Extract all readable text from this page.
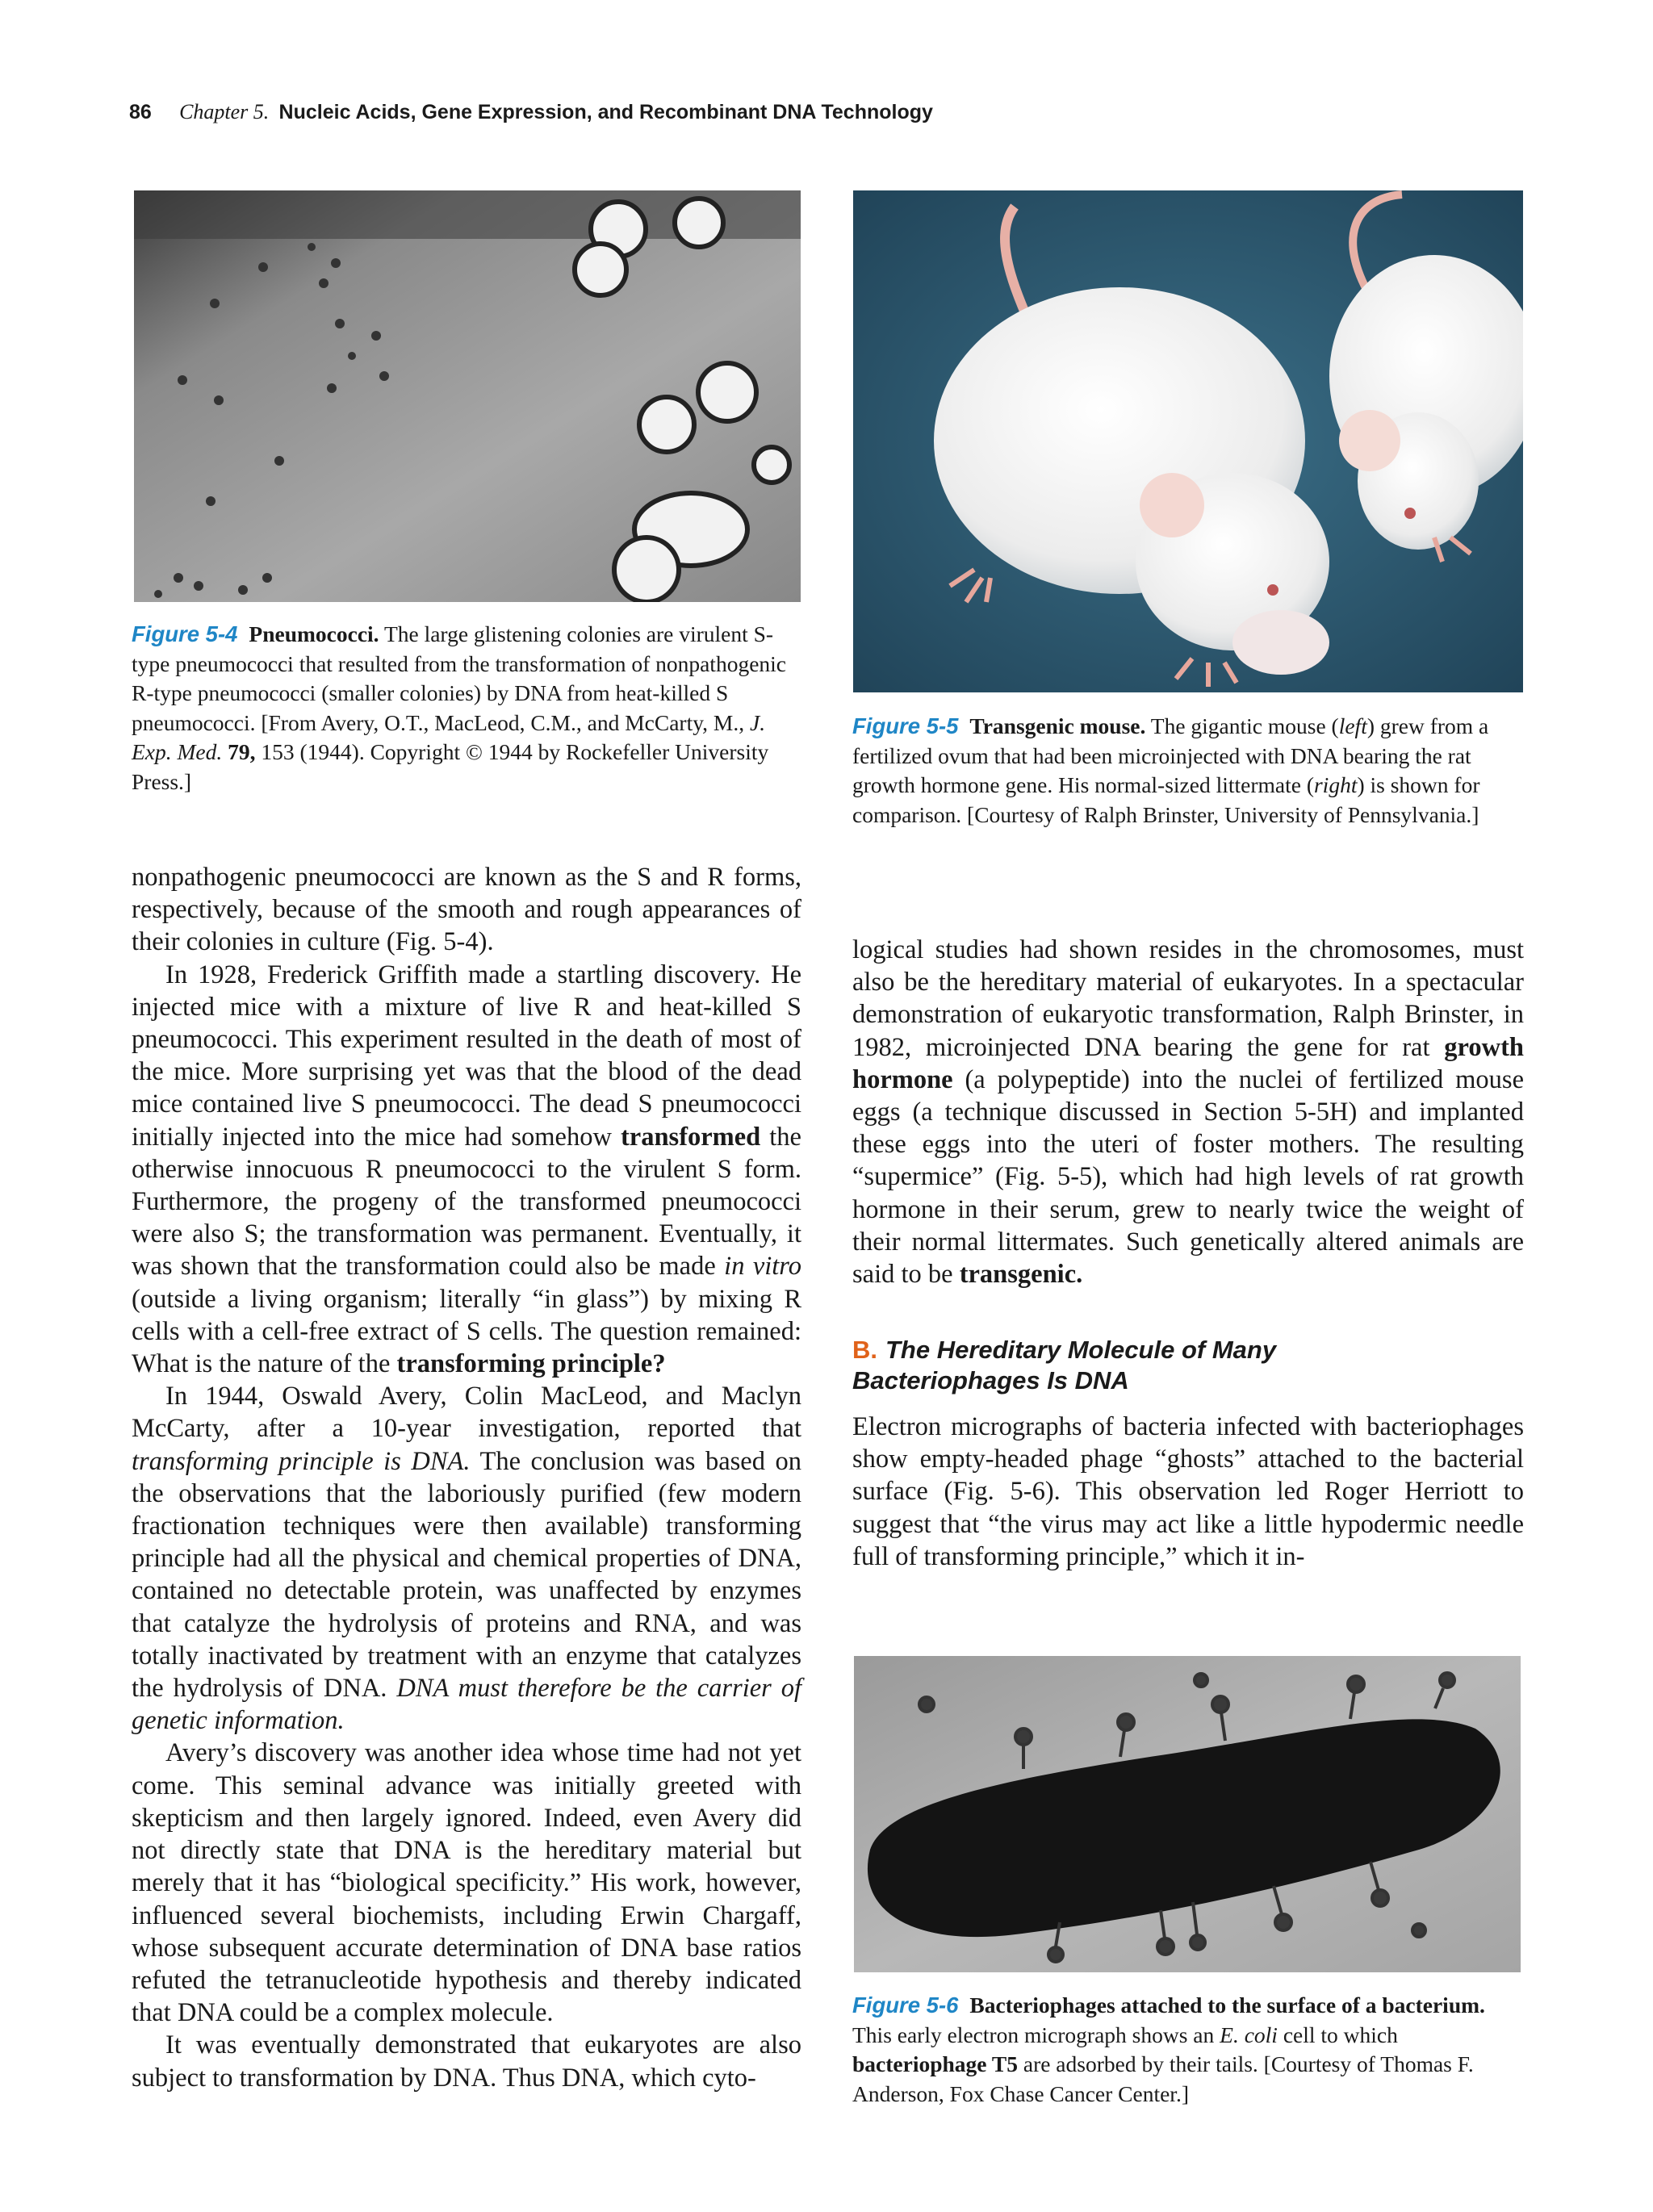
86 Chapter 5. Nucleic Acids, Gene Expression, and Recombinant DNA Technology
Figure 5-4 Pneumococci. The large glistening colonies are virulent S-type pneumococci that resulted from the transformation of nonpathogenic R-type pneumococci (smaller colonies) by DNA from heat-killed S pneumococci. [From Avery, O.T., MacLeod, C.M., and McCarty, M., J. Exp. Med. 79, 153 (1944). Copyright © 1944 by Rockefeller University Press.]
Figure 5-5 Transgenic mouse. The gigantic mouse (left) grew from a fertilized ovum that had been microinjected with DNA bearing the rat growth hormone gene. His normal-sized littermate (right) is shown for comparison. [Courtesy of Ralph Brinster, University of Pennsylvania.]

nonpathogenic pneumococci are known as the S and R forms, respectively, because of the smooth and rough appearances of their colonies in culture (Fig. 5-4).

In 1928, Frederick Griffith made a startling discovery. He injected mice with a mixture of live R and heat-killed S pneumococci. This experiment resulted in the death of most of the mice. More surprising yet was that the blood of the dead mice contained live S pneumococci. The dead S pneumococci initially injected into the mice had somehow transformed the otherwise innocuous R pneumococci to the virulent S form. Furthermore, the progeny of the transformed pneumococci were also S; the transformation was permanent. Eventually, it was shown that the transformation could also be made in vitro (outside a living organism; literally “in glass”) by mixing R cells with a cell-free extract of S cells. The question remained: What is the nature of the transforming principle?

In 1944, Oswald Avery, Colin MacLeod, and Maclyn McCarty, after a 10-year investigation, reported that transforming principle is DNA. The conclusion was based on the observations that the laboriously purified (few modern fractionation techniques were then available) transforming principle had all the physical and chemical properties of DNA, contained no detectable protein, was unaffected by enzymes that catalyze the hydrolysis of proteins and RNA, and was totally inactivated by treatment with an enzyme that catalyzes the hydrolysis of DNA. DNA must therefore be the carrier of genetic information.

Avery’s discovery was another idea whose time had not yet come. This seminal advance was initially greeted with skepticism and then largely ignored. Indeed, even Avery did not directly state that DNA is the hereditary material but merely that it has “biological specificity.” His work, however, influenced several biochemists, including Erwin Chargaff, whose subsequent accurate determination of DNA base ratios refuted the tetranucleotide hypothesis and thereby indicated that DNA could be a complex molecule.

It was eventually demonstrated that eukaryotes are also subject to transformation by DNA. Thus DNA, which cyto-

logical studies had shown resides in the chromosomes, must also be the hereditary material of eukaryotes. In a spectacular demonstration of eukaryotic transformation, Ralph Brinster, in 1982, microinjected DNA bearing the gene for rat growth hormone (a polypeptide) into the nuclei of fertilized mouse eggs (a technique discussed in Section 5-5H) and implanted these eggs into the uteri of foster mothers. The resulting “supermice” (Fig. 5-5), which had high levels of rat growth hormone in their serum, grew to nearly twice the weight of their normal littermates. Such genetically altered animals are said to be transgenic.

B. The Hereditary Molecule of Many
Bacteriophages Is DNA

Electron micrographs of bacteria infected with bacteriophages show empty-headed phage “ghosts” attached to the bacterial surface (Fig. 5-6). This observation led Roger Herriott to suggest that “the virus may act like a little hypodermic needle full of transforming principle,” which it in-

Figure 5-6 Bacteriophages attached to the surface of a bacterium. This early electron micrograph shows an E. coli cell to which bacteriophage T5 are adsorbed by their tails. [Courtesy of Thomas F. Anderson, Fox Chase Cancer Center.]
